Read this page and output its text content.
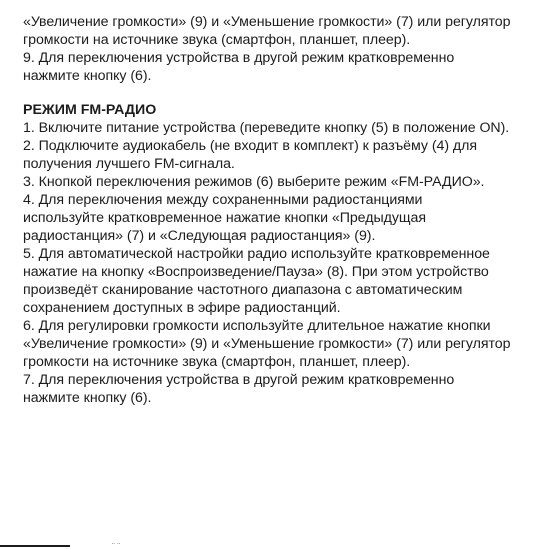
«Увеличение громкости» (9) и «Уменьшение громкости» (7) или регулятор
громкости на источнике звука (смартфон, планшет, плеер).
9. Для переключения устройства в другой режим кратковременно
нажмите кнопку (6).
РЕЖИМ FM-РАДИО
1. Включите питание устройства (переведите кнопку (5) в положение ON).
2. Подключите аудиокабель (не входит в комплект) к разъёму (4) для
получения лучшего FM-сигнала.
3. Кнопкой переключения режимов (6) выберите режим «FM-РАДИО».
4. Для переключения между сохраненными радиостанциями
используйте кратковременное нажатие кнопки «Предыдущая
радиостанция» (7) и «Следующая радиостанция» (9).
5. Для автоматической настройки радио используйте кратковременное
нажатие на кнопку «Воспроизведение/Пауза» (8). При этом устройство
произведёт сканирование частотного диапазона с автоматическим
сохранением доступных в эфире радиостанций.
6. Для регулировки громкости используйте длительное нажатие кнопки
«Увеличение громкости» (9) и «Уменьшение громкости» (7) или регулятор
громкости на источнике звука (смартфон, планшет, плеер).
7. Для переключения устройства в другой режим кратковременно
нажмите кнопку (6).
" "
